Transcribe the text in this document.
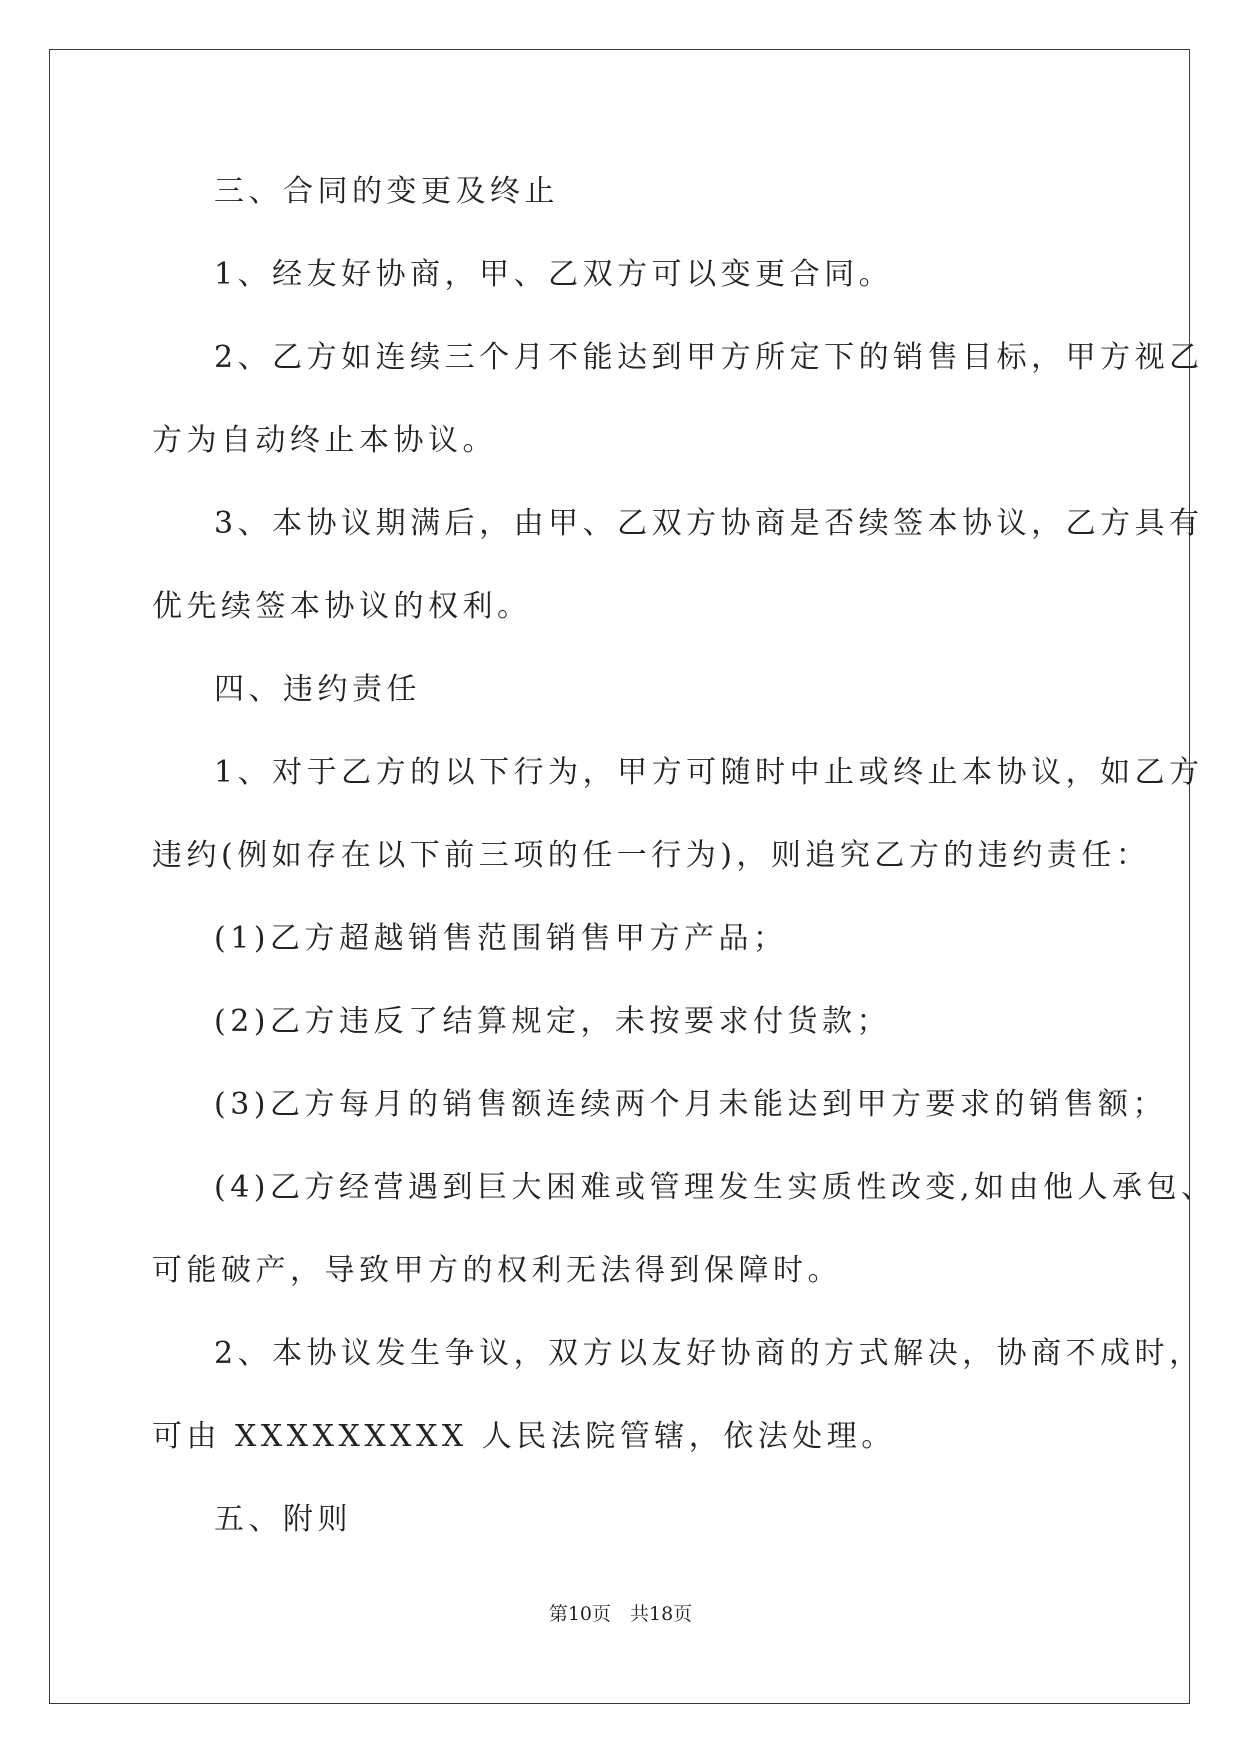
三、合同的变更及终止
1、经友好协商，甲、乙双方可以变更合同。
2、乙方如连续三个月不能达到甲方所定下的销售目标，甲方视乙
方为自动终止本协议。
3、本协议期满后，由甲、乙双方协商是否续签本协议，乙方具有
优先续签本协议的权利。
四、违约责任
1、对于乙方的以下行为，甲方可随时中止或终止本协议，如乙方
违约(例如存在以下前三项的任一行为)，则追究乙方的违约责任：
(1)乙方超越销售范围销售甲方产品；
(2)乙方违反了结算规定，未按要求付货款；
(3)乙方每月的销售额连续两个月未能达到甲方要求的销售额；
(4)乙方经营遇到巨大困难或管理发生实质性改变,如由他人承包、
可能破产，导致甲方的权利无法得到保障时。
2、本协议发生争议，双方以友好协商的方式解决，协商不成时，
可由 XXXXXXXXX 人民法院管辖，依法处理。
五、附则
第10页　共18页
